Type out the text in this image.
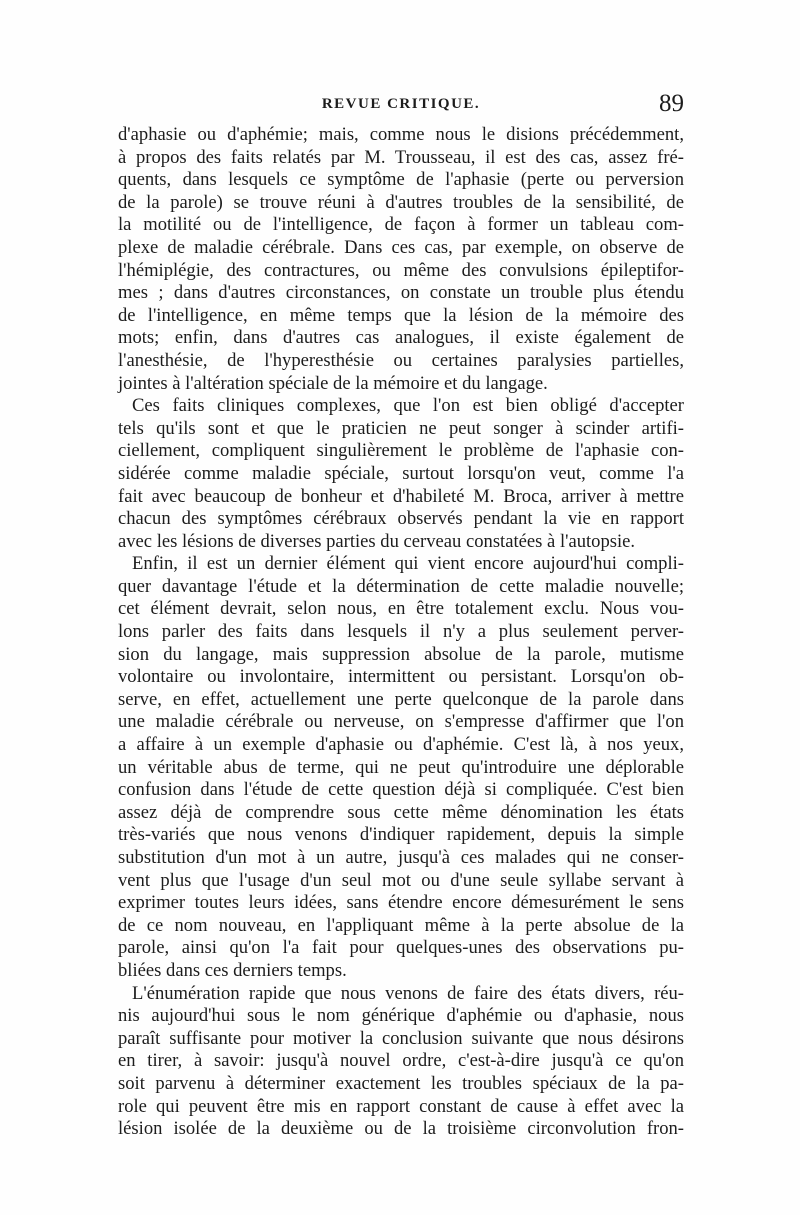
REVUE CRITIQUE.	89
d'aphasie ou d'aphémie; mais, comme nous le disions précédemment,
à propos des faits relatés par M. Trousseau, il est des cas, assez fré-
quents, dans lesquels ce symptôme de l'aphasie (perte ou perversion
de la parole) se trouve réuni à d'autres troubles de la sensibilité, de
la motilité ou de l'intelligence, de façon à former un tableau com-
plexe de maladie cérébrale. Dans ces cas, par exemple, on observe de
l'hémiplégie, des contractures, ou même des convulsions épileptifor-
mes ; dans d'autres circonstances, on constate un trouble plus étendu
de l'intelligence, en même temps que la lésion de la mémoire des
mots; enfin, dans d'autres cas analogues, il existe également de
l'anesthésie, de l'hyperesthésie ou certaines paralysies partielles,
jointes à l'altération spéciale de la mémoire et du langage.
Ces faits cliniques complexes, que l'on est bien obligé d'accepter
tels qu'ils sont et que le praticien ne peut songer à scinder artifi-
ciellement, compliquent singulièrement le problème de l'aphasie con-
sidérée comme maladie spéciale, surtout lorsqu'on veut, comme l'a
fait avec beaucoup de bonheur et d'habileté M. Broca, arriver à mettre
chacun des symptômes cérébraux observés pendant la vie en rapport
avec les lésions de diverses parties du cerveau constatées à l'autopsie.
Enfin, il est un dernier élément qui vient encore aujourd'hui compli-
quer davantage l'étude et la détermination de cette maladie nouvelle;
cet élément devrait, selon nous, en être totalement exclu. Nous vou-
lons parler des faits dans lesquels il n'y a plus seulement perver-
sion du langage, mais suppression absolue de la parole, mutisme
volontaire ou involontaire, intermittent ou persistant. Lorsqu'on ob-
serve, en effet, actuellement une perte quelconque de la parole dans
une maladie cérébrale ou nerveuse, on s'empresse d'affirmer que l'on
a affaire à un exemple d'aphasie ou d'aphémie. C'est là, à nos yeux,
un véritable abus de terme, qui ne peut qu'introduire une déplorable
confusion dans l'étude de cette question déjà si compliquée. C'est bien
assez déjà de comprendre sous cette même dénomination les états
très-variés que nous venons d'indiquer rapidement, depuis la simple
substitution d'un mot à un autre, jusqu'à ces malades qui ne conser-
vent plus que l'usage d'un seul mot ou d'une seule syllabe servant à
exprimer toutes leurs idées, sans étendre encore démesurément le sens
de ce nom nouveau, en l'appliquant même à la perte absolue de la
parole, ainsi qu'on l'a fait pour quelques-unes des observations pu-
bliées dans ces derniers temps.
L'énumération rapide que nous venons de faire des états divers, réu-
nis aujourd'hui sous le nom générique d'aphémie ou d'aphasie, nous
paraît suffisante pour motiver la conclusion suivante que nous désirons
en tirer, à savoir: jusqu'à nouvel ordre, c'est-à-dire jusqu'à ce qu'on
soit parvenu à déterminer exactement les troubles spéciaux de la pa-
role qui peuvent être mis en rapport constant de cause à effet avec la
lésion isolée de la deuxième ou de la troisième circonvolution fron-
